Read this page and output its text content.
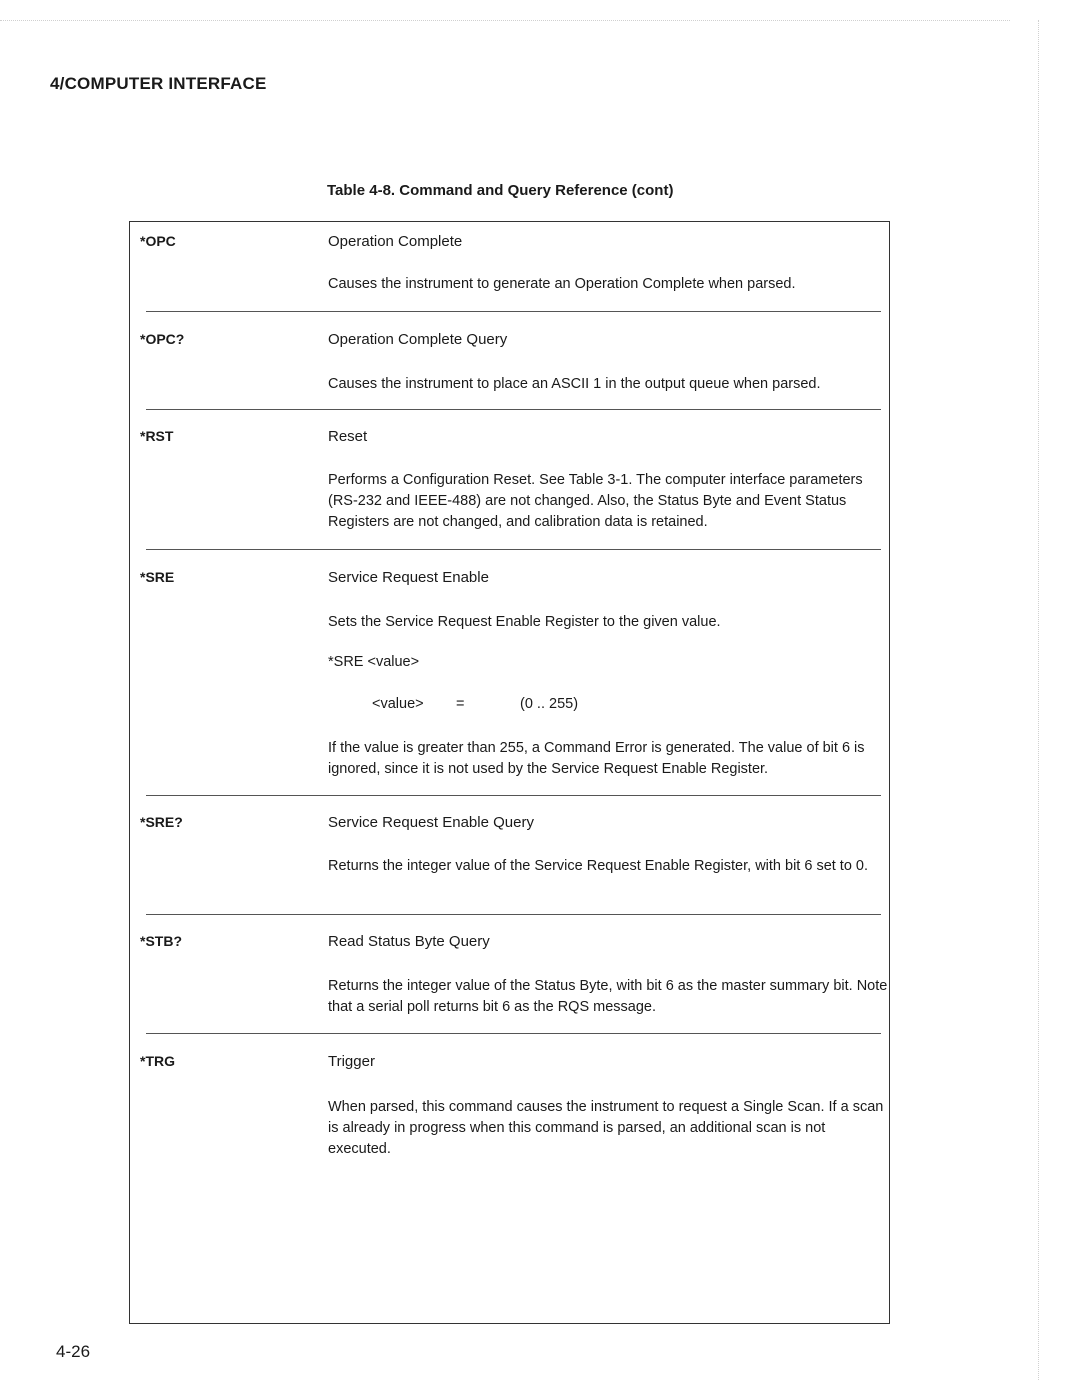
4/COMPUTER INTERFACE
Table 4-8. Command and Query Reference (cont)
*OPC	Operation Complete
Causes the instrument to generate an Operation Complete when parsed.
*OPC?	Operation Complete Query
Causes the instrument to place an ASCII 1 in the output queue when parsed.
*RST	Reset
Performs a Configuration Reset. See Table 3-1. The computer interface parameters (RS-232 and IEEE-488) are not changed. Also, the Status Byte and Event Status Registers are not changed, and calibration data is retained.
*SRE	Service Request Enable
Sets the Service Request Enable Register to the given value.
*SRE <value>
<value> =	(0 .. 255)
If the value is greater than 255, a Command Error is generated. The value of bit 6 is ignored, since it is not used by the Service Request Enable Register.
*SRE?	Service Request Enable Query
Returns the integer value of the Service Request Enable Register, with bit 6 set to 0.
*STB?	Read Status Byte Query
Returns the integer value of the Status Byte, with bit 6 as the master summary bit. Note that a serial poll returns bit 6 as the RQS message.
*TRG	Trigger
When parsed, this command causes the instrument to request a Single Scan. If a scan is already in progress when this command is parsed, an additional scan is not executed.
4-26
